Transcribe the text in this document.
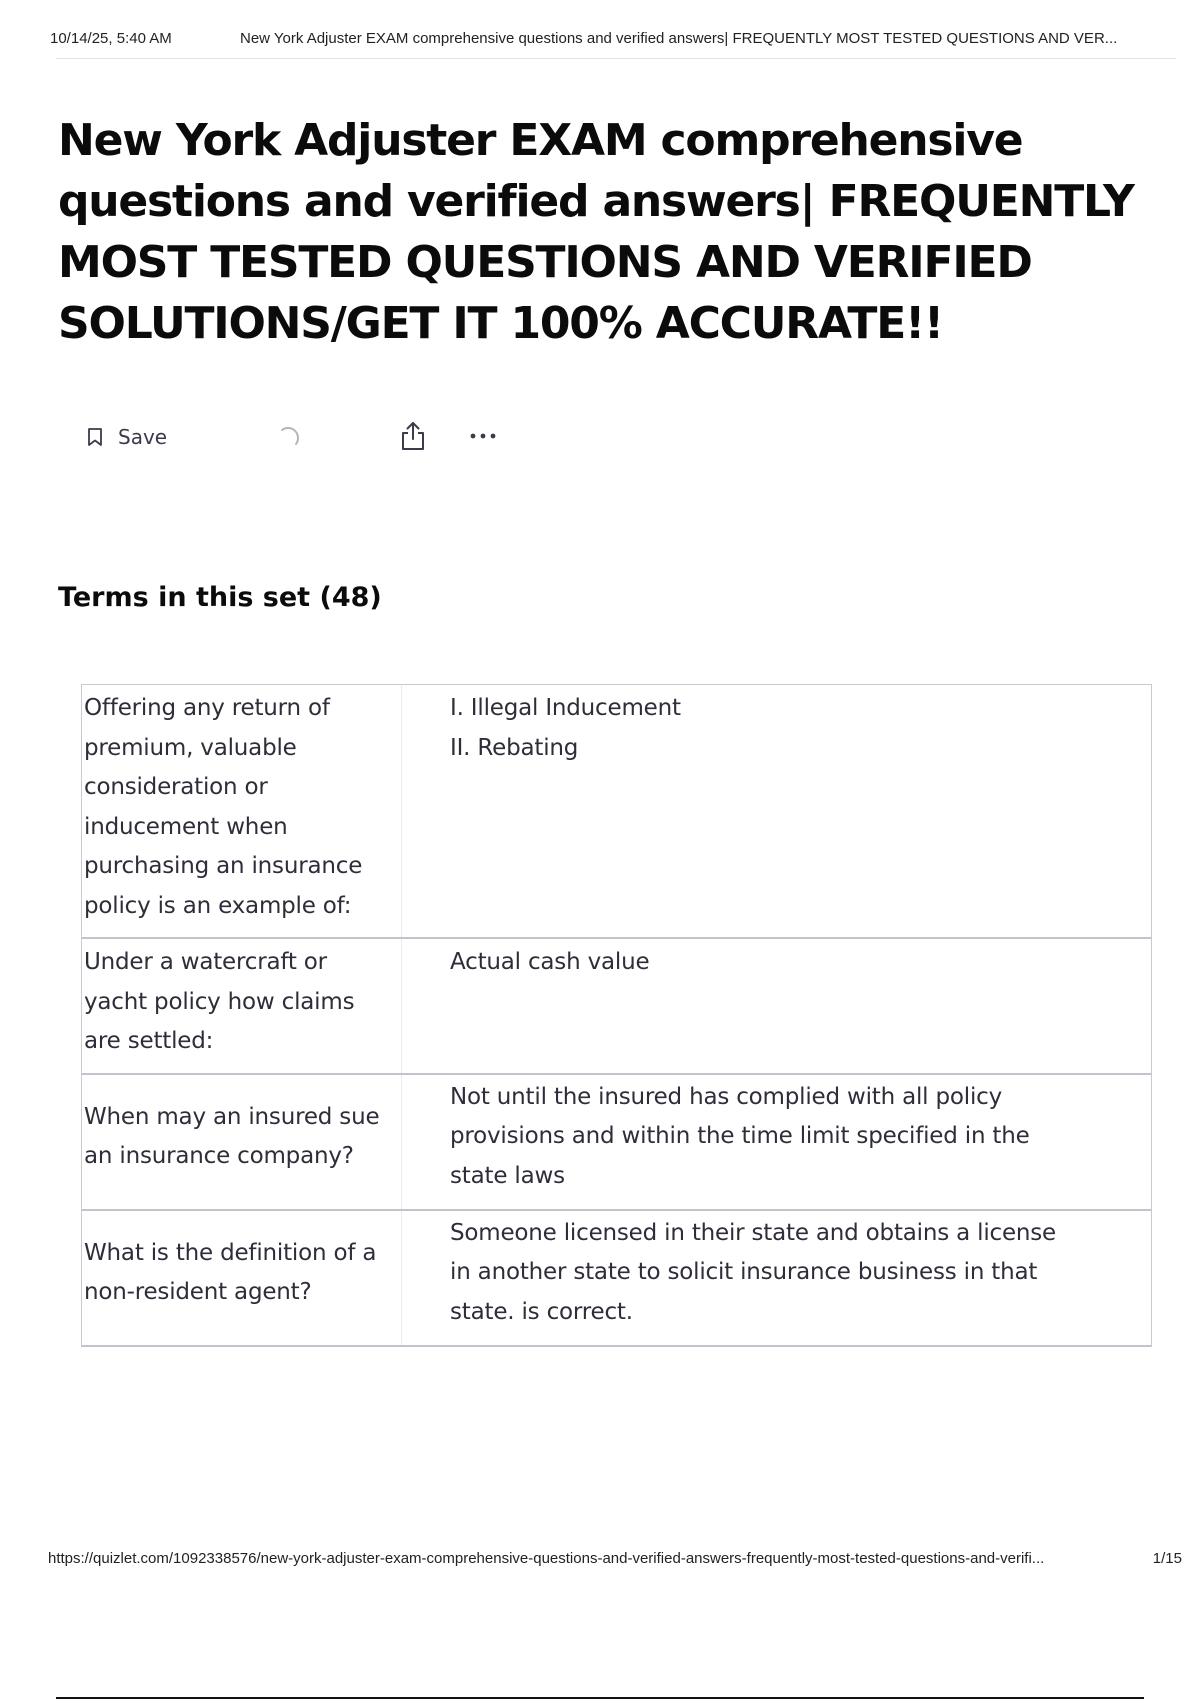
10/14/25, 5:40 AM	New York Adjuster EXAM comprehensive questions and verified answers| FREQUENTLY MOST TESTED QUESTIONS AND VER...
New York Adjuster EXAM comprehensive questions and verified answers| FREQUENTLY MOST TESTED QUESTIONS AND VERIFIED SOLUTIONS/GET IT 100% ACCURATE!!
Save
Terms in this set (48)

Offering any return of

premium, valuable

consideration or

inducement when

purchasing an insurance

policy is an example of:

I. Illegal Inducement

II. Rebating

Under a watercraft or

yacht policy how claims

are settled:

Actual cash value

When may an insured sue

an insurance company?

Not until the insured has complied with all policy

provisions and within the time limit specified in the

state laws

What is the definition of a

non-resident agent?

Someone licensed in their state and obtains a license

in another state to solicit insurance business in that

state. is correct.

https://quizlet.com/1092338576/new-york-adjuster-exam-comprehensive-questions-and-verified-answers-frequently-most-tested-questions-and-verifi...	1/15
